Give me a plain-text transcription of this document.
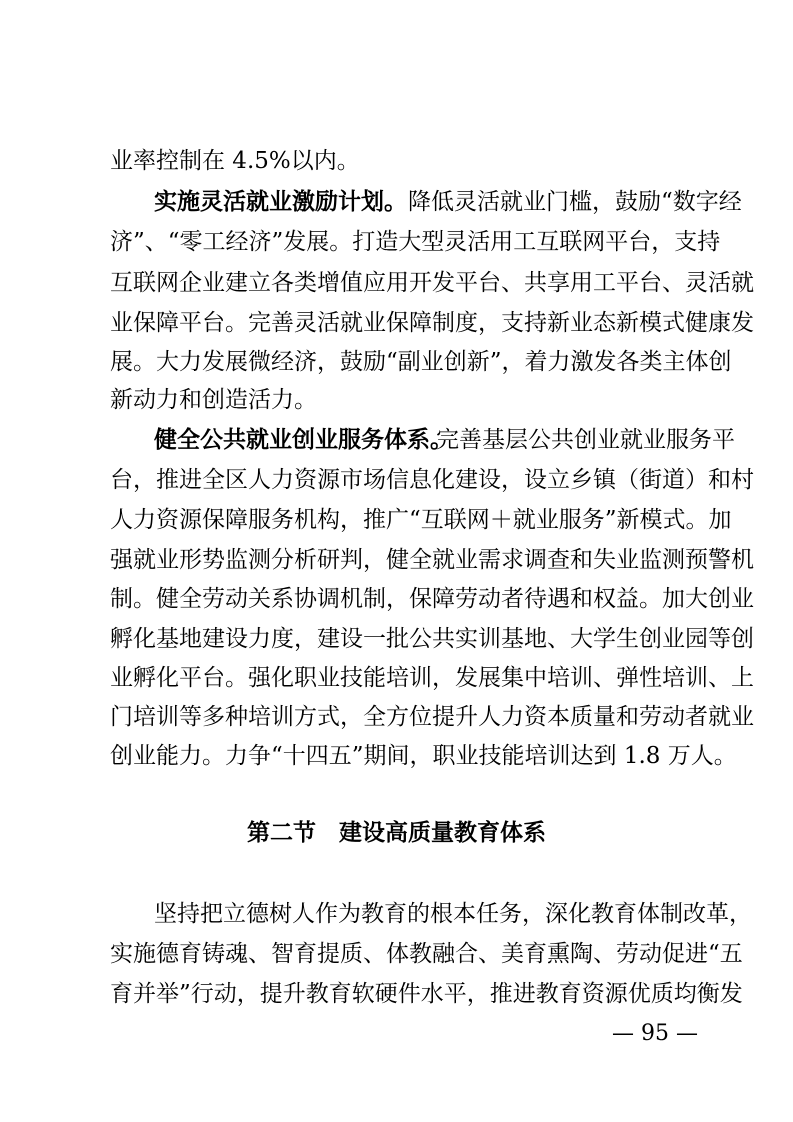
业率控制在 4.5%以内。
实施灵活就业激励计划。 降低灵活就业门槛，鼓励“数字经
济”、“零工经济”发展。打造大型灵活用工互联网平台，支持
互联网企业建立各类增值应用开发平台、共享用工平台、灵活就
业保障平台。完善灵活就业保障制度，支持新业态新模式健康发
展。大力发展微经济，鼓励“副业创新”，着力激发各类主体创
新动力和创造活力。
健全公共就业创业服务体系。
完善基层公共创业就业服务平
台，推进全区人力资源市场信息化建设，设立乡镇（街道）和村
人力资源保障服务机构，推广“互联网＋就业服务”新模式。加
强就业形势监测分析研判，健全就业需求调查和失业监测预警机
制。健全劳动关系协调机制，保障劳动者待遇和权益。加大创业
孵化基地建设力度，建设一批公共实训基地、大学生创业园等创
业孵化平台。强化职业技能培训，发展集中培训、弹性培训、上
门培训等多种培训方式，全方位提升人力资本质量和劳动者就业
创业能力。力争“十四五”期间，职业技能培训达到 1.8 万人。
第二节　建设高质量教育体系
坚持把立德树人作为教育的根本任务，深化教育体制改革，
实施德育铸魂、智育提质、体教融合、美育熏陶、劳动促进“五
育并举”行动，提升教育软硬件水平，推进教育资源优质均衡发
— 95 —
